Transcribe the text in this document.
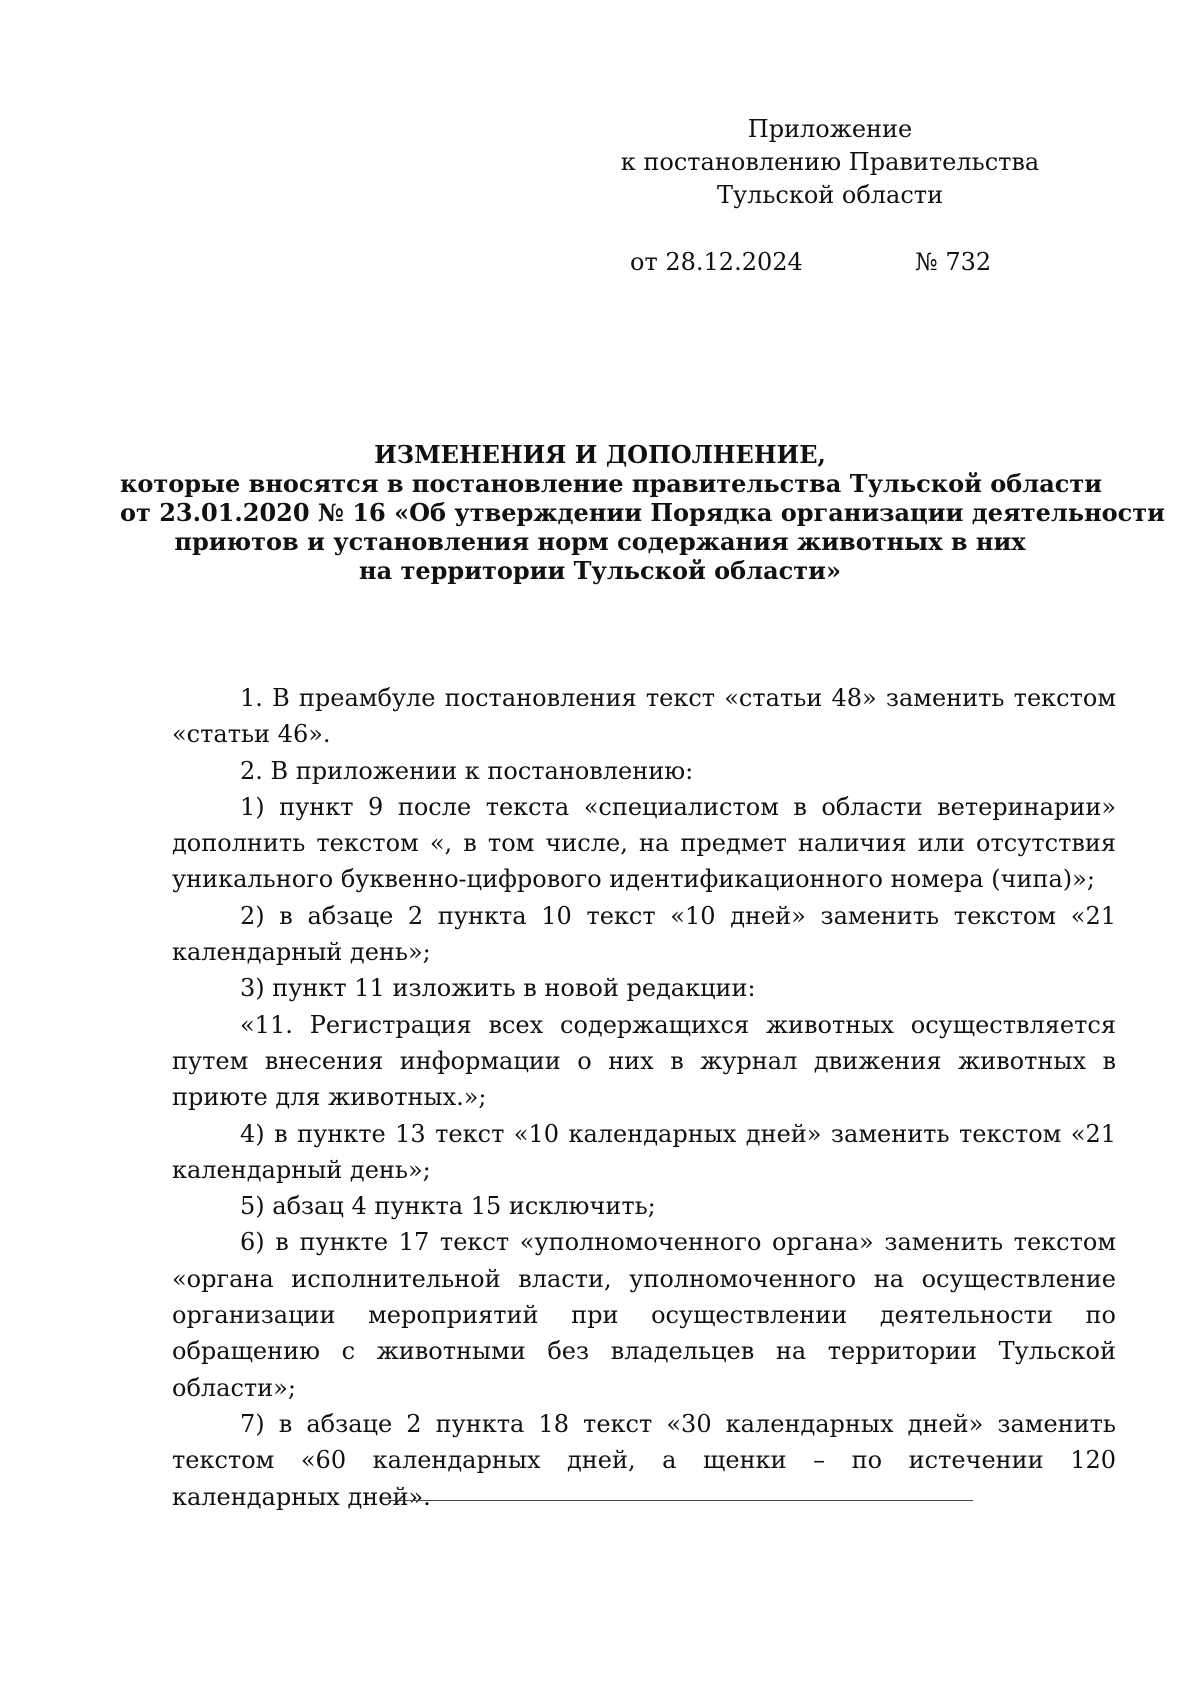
Приложение
к постановлению Правительства
Тульской области
от 28.12.2024	№ 732
ИЗМЕНЕНИЯ И ДОПОЛНЕНИЕ,
которые вносятся в постановление правительства Тульской области
от 23.01.2020 № 16 «Об утверждении Порядка организации деятельности
приютов и установления норм содержания животных в них
на территории Тульской области»

1. В преамбуле постановления текст «статьи 48» заменить текстом «статьи 46».

2. В приложении к постановлению:

1) пункт 9 после текста «специалистом в области ветеринарии» дополнить текстом «, в том числе, на предмет наличия или отсутствия уникального буквенно-цифрового идентификационного номера (чипа)»;

2) в абзаце 2 пункта 10 текст «10 дней» заменить текстом «21 календарный день»;

3) пункт 11 изложить в новой редакции:

«11. Регистрация всех содержащихся животных осуществляется путем внесения информации о них в журнал движения животных в приюте для животных.»;

4) в пункте 13 текст «10 календарных дней» заменить текстом «21 календарный день»;

5) абзац 4 пункта 15 исключить;

6) в пункте 17 текст «уполномоченного органа» заменить текстом «органа исполнительной власти, уполномоченного на осуществление организации мероприятий при осуществлении деятельности по обращению с животными без владельцев на территории Тульской области»;

7) в абзаце 2 пункта 18 текст «30 календарных дней» заменить текстом «60 календарных дней, а щенки – по истечении 120 календарных дней».
